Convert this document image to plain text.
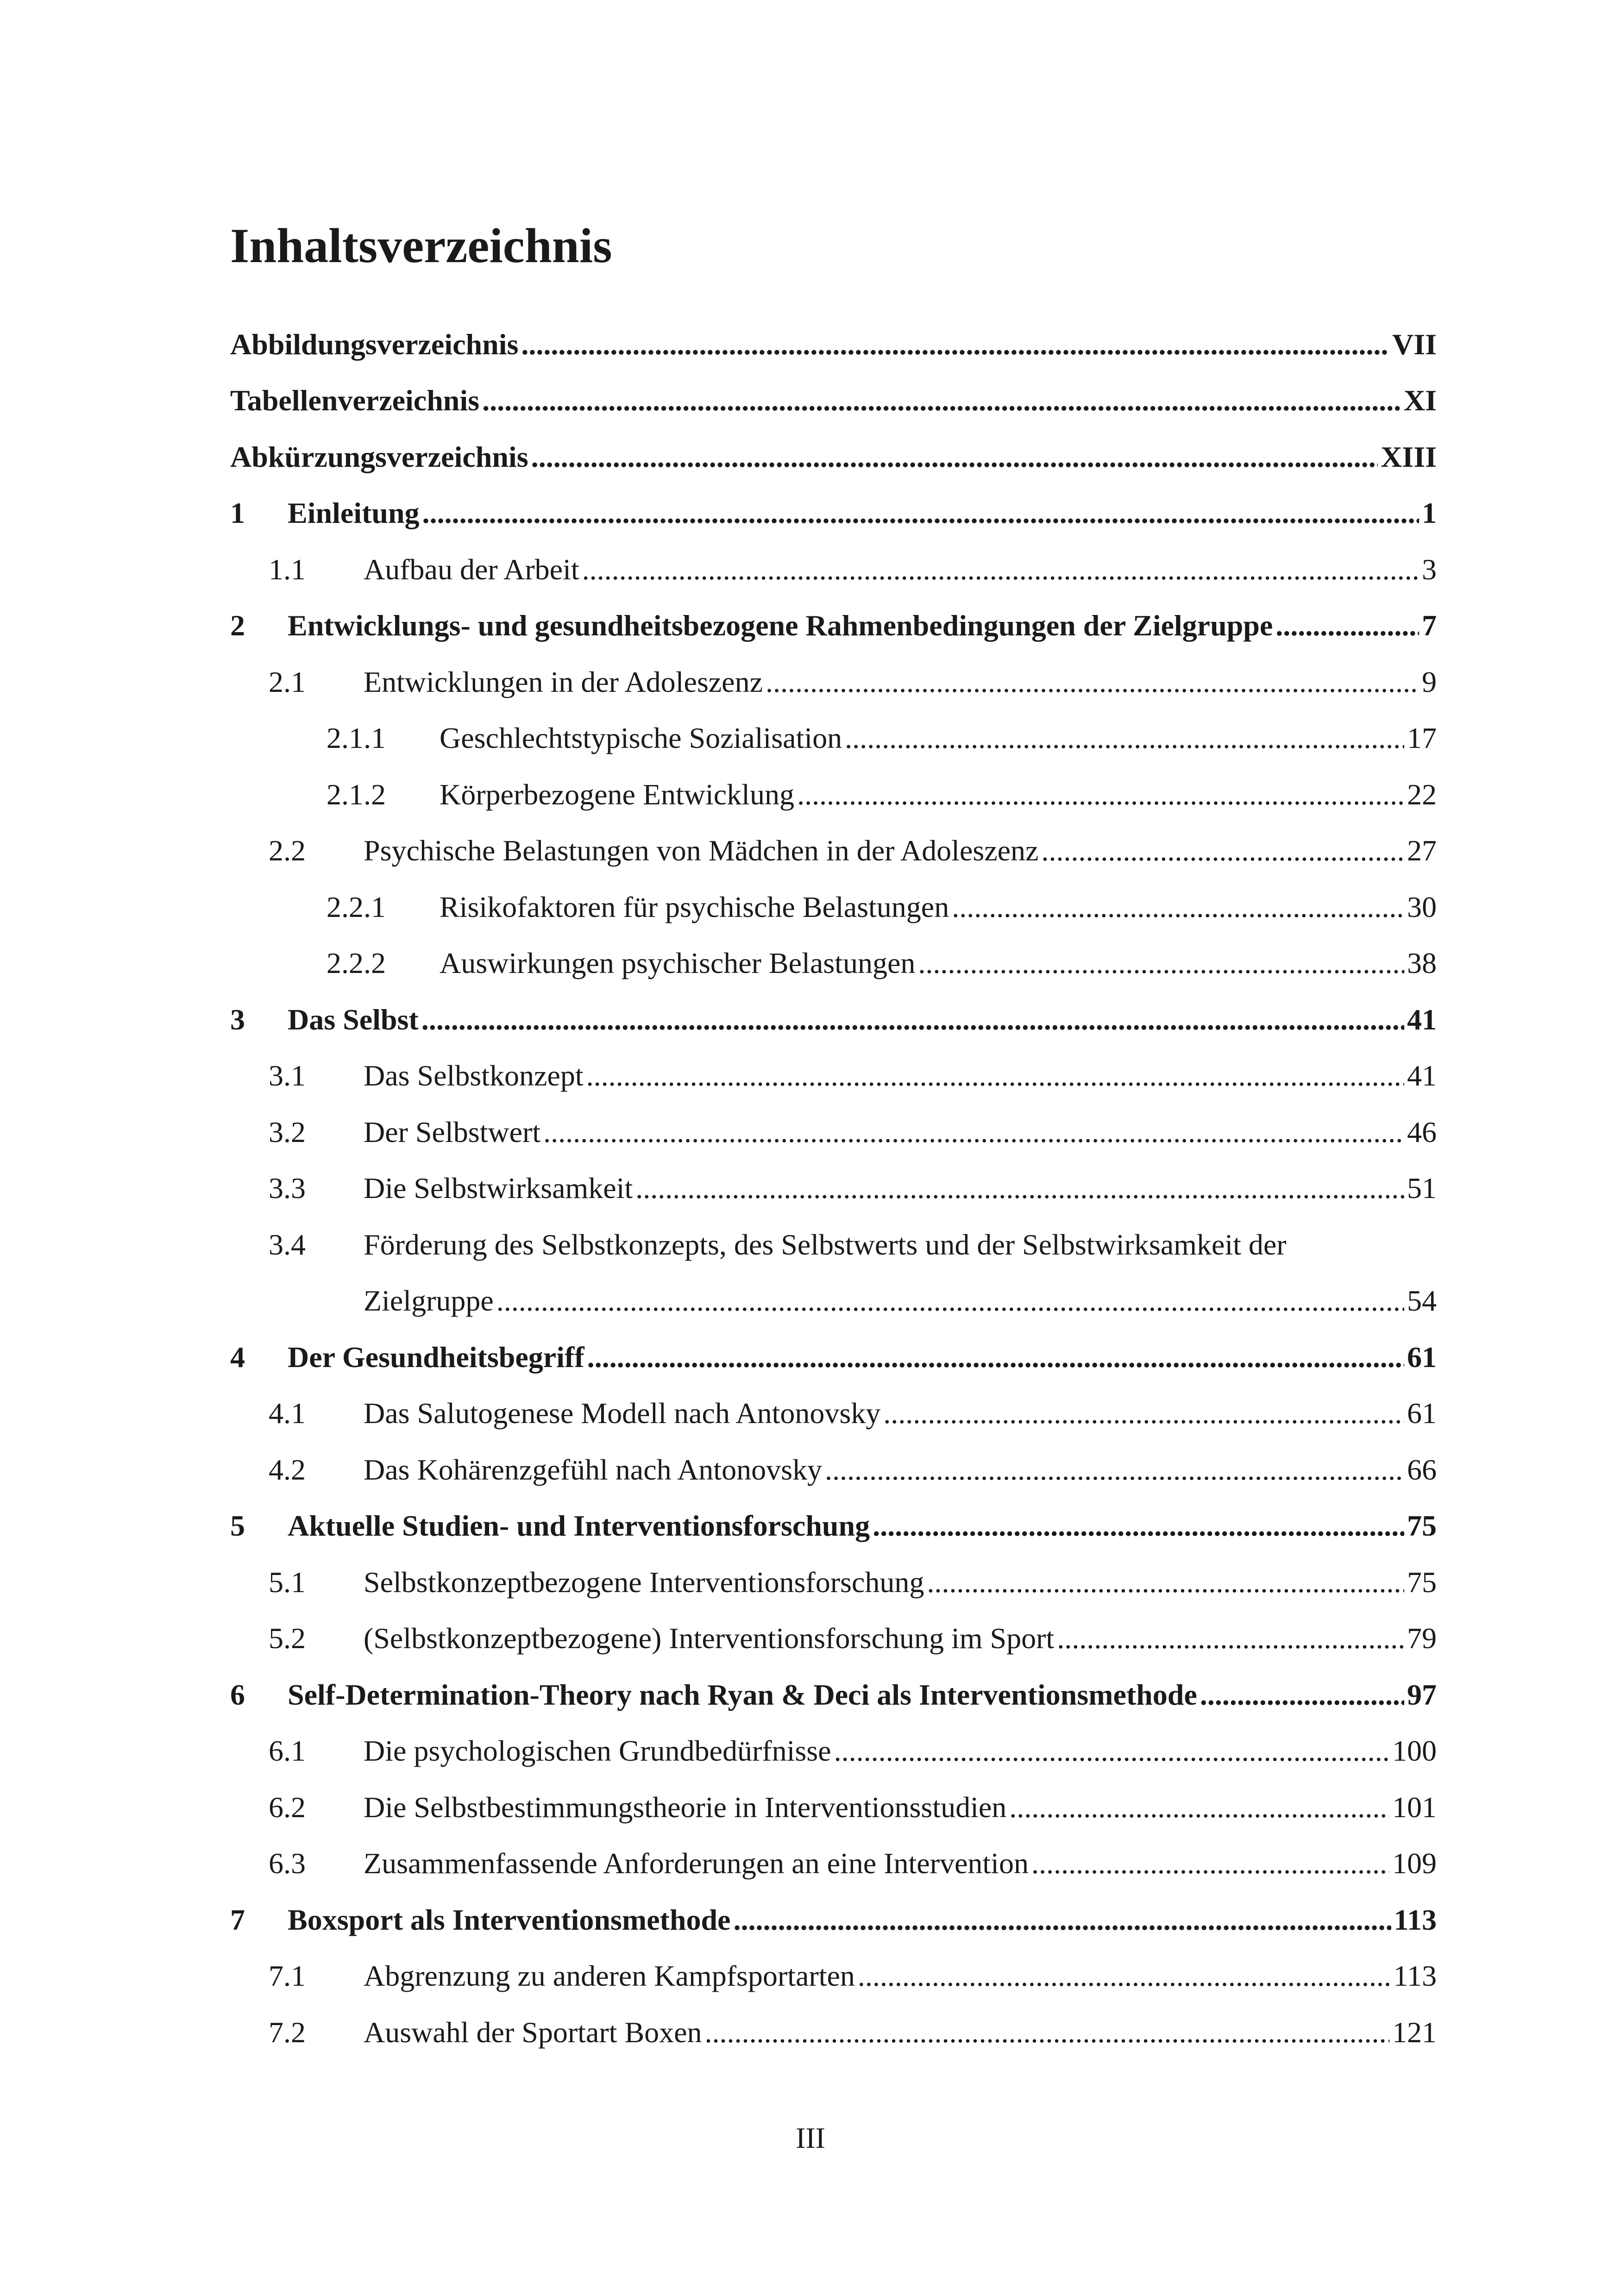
Inhaltsverzeichnis
Abbildungsverzeichnis .....	VII
Tabellenverzeichnis .....	XI
Abkürzungsverzeichnis .....	XIII
1 Einleitung .....	1
1.1 Aufbau der Arbeit .....	3
2 Entwicklungs- und gesundheitsbezogene Rahmenbedingungen der Zielgruppe .....	7
2.1 Entwicklungen in der Adoleszenz .....	9
2.1.1 Geschlechtstypische Sozialisation .....	17
2.1.2 Körperbezogene Entwicklung .....	22
2.2 Psychische Belastungen von Mädchen in der Adoleszenz .....	27
2.2.1 Risikofaktoren für psychische Belastungen .....	30
2.2.2 Auswirkungen psychischer Belastungen .....	38
3 Das Selbst .....	41
3.1 Das Selbstkonzept .....	41
3.2 Der Selbstwert .....	46
3.3 Die Selbstwirksamkeit .....	51
3.4 Förderung des Selbstkonzepts, des Selbstwerts und der Selbstwirksamkeit der
Zielgruppe .....	54
4 Der Gesundheitsbegriff .....	61
4.1 Das Salutogenese Modell nach Antonovsky .....	61
4.2 Das Kohärenzgefühl nach Antonovsky .....	66
5 Aktuelle Studien- und Interventionsforschung .....	75
5.1 Selbstkonzeptbezogene Interventionsforschung .....	75
5.2 (Selbstkonzeptbezogene) Interventionsforschung im Sport .....	79
6 Self-Determination-Theory nach Ryan & Deci als Interventionsmethode .....	97
6.1 Die psychologischen Grundbedürfnisse .....	100
6.2 Die Selbstbestimmungstheorie in Interventionsstudien .....	101
6.3 Zusammenfassende Anforderungen an eine Intervention .....	109
7 Boxsport als Interventionsmethode .....	113
7.1 Abgrenzung zu anderen Kampfsportarten .....	113
7.2 Auswahl der Sportart Boxen .....	121
III
